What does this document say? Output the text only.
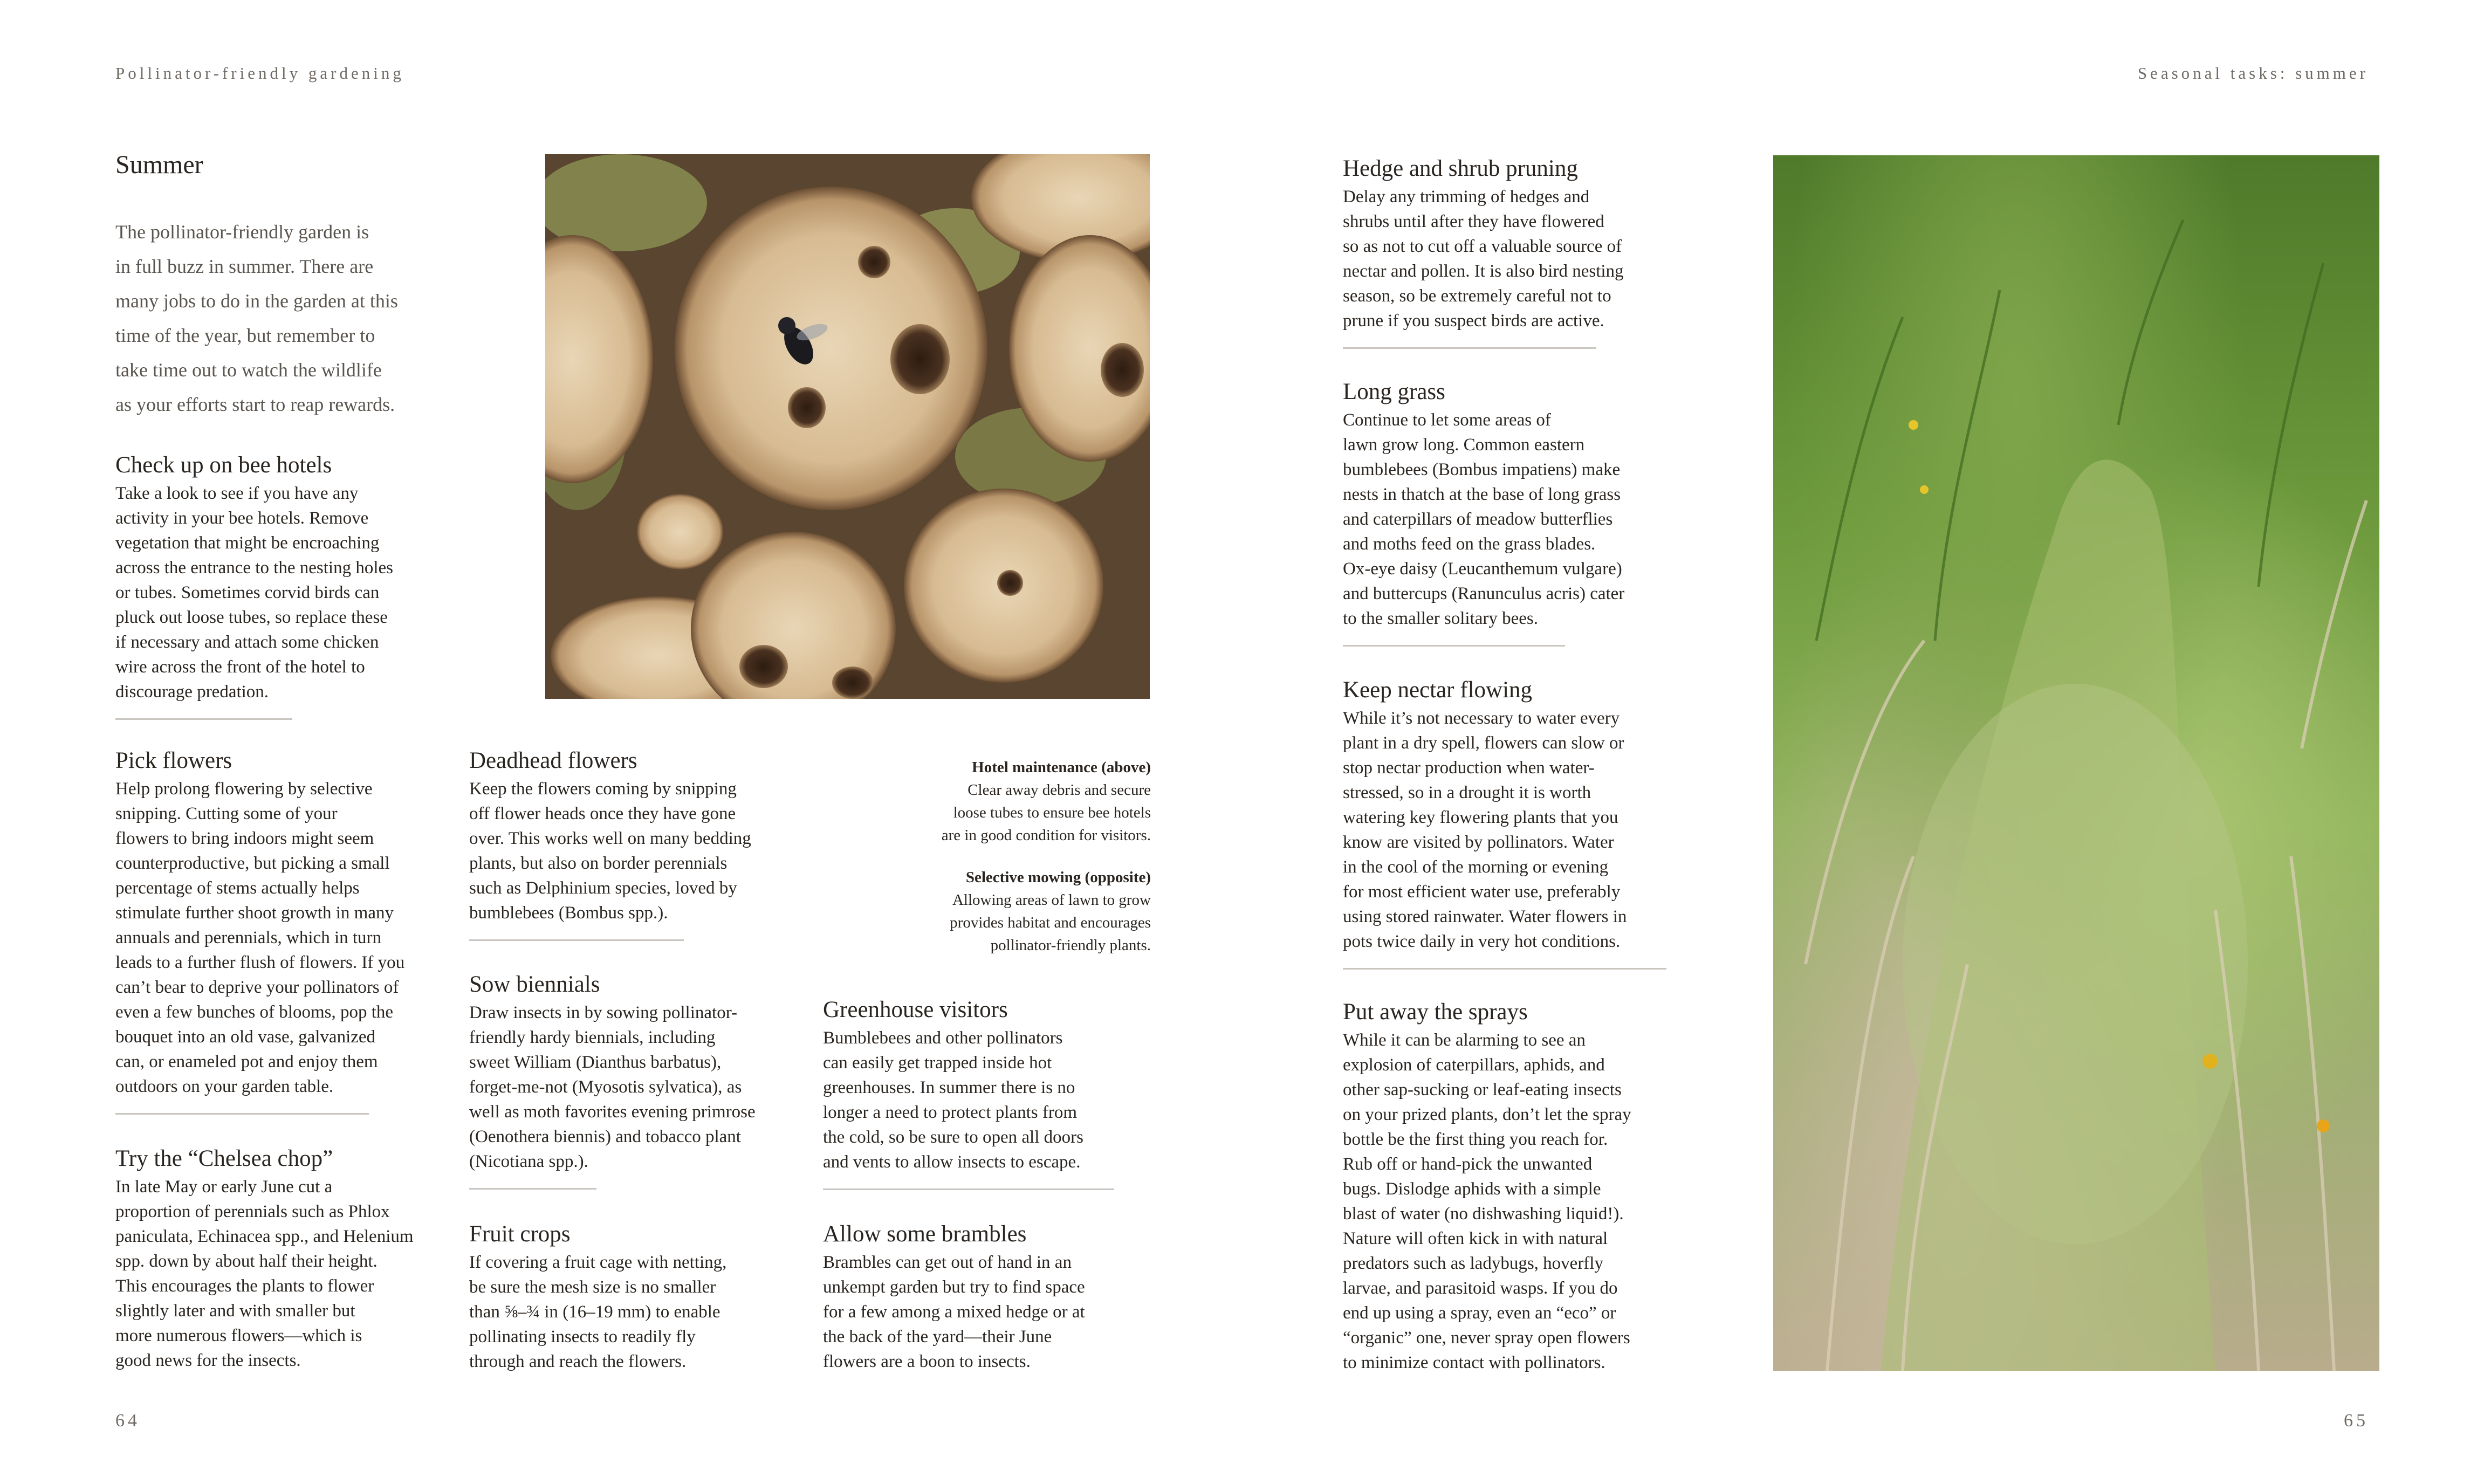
Pollinator-friendly gardening	Seasonal tasks: summer
Summer
The pollinator-friendly garden is
in full buzz in summer. There are
many jobs to do in the garden at this
time of the year, but remember to
take time out to watch the wildlife
as your efforts start to reap rewards.
Check up on bee hotels

Take a look to see if you have any
activity in your bee hotels. Remove
vegetation that might be encroaching
across the entrance to the nesting holes
or tubes. Sometimes corvid birds can
pluck out loose tubes, so replace these
if necessary and attach some chicken
wire across the front of the hotel to
discourage predation.

Pick flowers

Help prolong flowering by selective
snipping. Cutting some of your
flowers to bring indoors might seem
counterproductive, but picking a small
percentage of stems actually helps
stimulate further shoot growth in many
annuals and perennials, which in turn
leads to a further flush of flowers. If you
can’t bear to deprive your pollinators of
even a few bunches of blooms, pop the
bouquet into an old vase, galvanized
can, or enameled pot and enjoy them
outdoors on your garden table.

Try the “Chelsea chop”

In late May or early June cut a
proportion of perennials such as Phlox
paniculata, Echinacea spp., and Helenium
spp. down by about half their height.
This encourages the plants to flower
slightly later and with smaller but
more numerous flowers—which is
good news for the insects.

Deadhead flowers

Keep the flowers coming by snipping
off flower heads once they have gone
over. This works well on many bedding
plants, but also on border perennials
such as Delphinium species, loved by
bumblebees (Bombus spp.).

Sow biennials

Draw insects in by sowing pollinator-
friendly hardy biennials, including
sweet William (Dianthus barbatus),
forget-me-not (Myosotis sylvatica), as
well as moth favorites evening primrose
(Oenothera biennis) and tobacco plant
(Nicotiana spp.).

Fruit crops

If covering a fruit cage with netting,
be sure the mesh size is no smaller
than ⅝–¾ in (16–19 mm) to enable
pollinating insects to readily fly
through and reach the flowers.

Hotel maintenance (above)
Clear away debris and secure
loose tubes to ensure bee hotels
are in good condition for visitors.
Selective mowing (opposite)
Allowing areas of lawn to grow
provides habitat and encourages
pollinator-friendly plants.
Greenhouse visitors

Bumblebees and other pollinators
can easily get trapped inside hot
greenhouses. In summer there is no
longer a need to protect plants from
the cold, so be sure to open all doors
and vents to allow insects to escape.

Allow some brambles

Brambles can get out of hand in an
unkempt garden but try to find space
for a few among a mixed hedge or at
the back of the yard—their June
flowers are a boon to insects.

Hedge and shrub pruning

Delay any trimming of hedges and
shrubs until after they have flowered
so as not to cut off a valuable source of
nectar and pollen. It is also bird nesting
season, so be extremely careful not to
prune if you suspect birds are active.

Long grass

Continue to let some areas of
lawn grow long. Common eastern
bumblebees (Bombus impatiens) make
nests in thatch at the base of long grass
and caterpillars of meadow butterflies
and moths feed on the grass blades.
Ox-eye daisy (Leucanthemum vulgare)
and buttercups (Ranunculus acris) cater
to the smaller solitary bees.

Keep nectar flowing

While it’s not necessary to water every
plant in a dry spell, flowers can slow or
stop nectar production when water-
stressed, so in a drought it is worth
watering key flowering plants that you
know are visited by pollinators. Water
in the cool of the morning or evening
for most efficient water use, preferably
using stored rainwater. Water flowers in
pots twice daily in very hot conditions.

Put away the sprays

While it can be alarming to see an
explosion of caterpillars, aphids, and
other sap-sucking or leaf-eating insects
on your prized plants, don’t let the spray
bottle be the first thing you reach for.
Rub off or hand-pick the unwanted
bugs. Dislodge aphids with a simple
blast of water (no dishwashing liquid!).
Nature will often kick in with natural
predators such as ladybugs, hoverfly
larvae, and parasitoid wasps. If you do
end up using a spray, even an “eco” or
“organic” one, never spray open flowers
to minimize contact with pollinators.

64	65
